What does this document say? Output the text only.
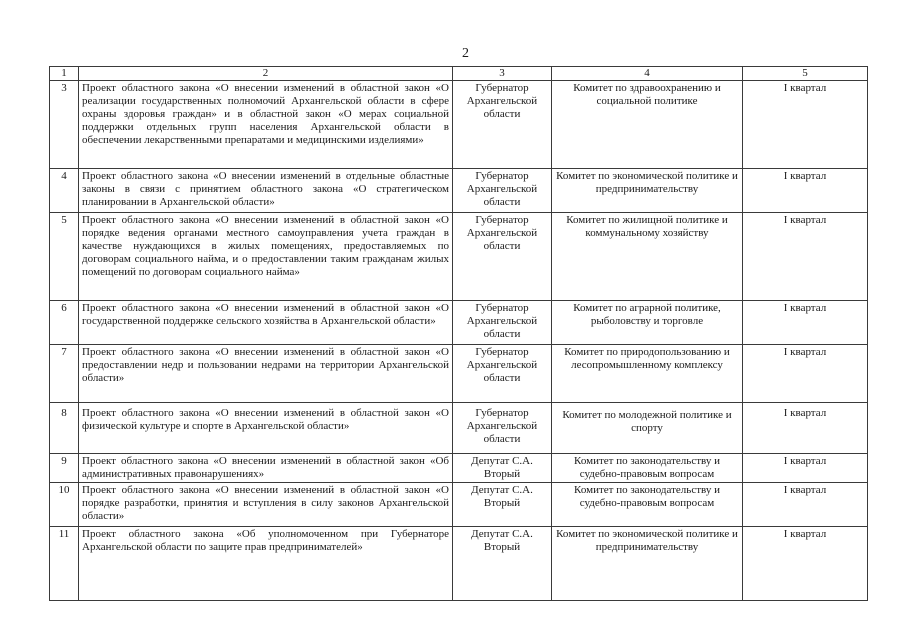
2
1	2	3	4	5
3	Проект областного закона «О внесении изменений в областной закон «О реализации государственных полномочий Архангельской области в сфере охраны здоровья граждан» и в областной закон «О мерах социальной поддержки отдельных групп населения Архангельской области в обеспечении лекарственными препаратами и медицинскими изделиями»	Губернатор Архангельской области	Комитет по здравоохранению и социальной политике	I квартал
4	Проект областного закона «О внесении изменений в отдельные областные законы в связи с принятием областного закона «О стратегическом планировании в Архангельской области»	Губернатор Архангельской области	Комитет по экономической политике и предпринимательству	I квартал
5	Проект областного закона «О внесении изменений в областной закон «О порядке ведения органами местного самоуправления учета граждан в качестве нуждающихся в жилых помещениях, предоставляемых по договорам социального найма, и о предоставлении таким гражданам жилых помещений по договорам социального найма»	Губернатор Архангельской области	Комитет по жилищной политике и коммунальному хозяйству	I квартал
6	Проект областного закона «О внесении изменений в областной закон «О государственной поддержке сельского хозяйства в Архангельской области»	Губернатор Архангельской области	Комитет по аграрной политике, рыболовству и торговле	I квартал
7	Проект областного закона «О внесении изменений в областной закон «О предоставлении недр и пользовании недрами на территории Архангельской области»	Губернатор Архангельской области	Комитет по природопользованию и лесопромышленному комплексу	I квартал
8	Проект областного закона «О внесении изменений в областной закон «О физической культуре и спорте в Архангельской области»	Губернатор Архангельской области	Комитет по молодежной политике и спорту	I квартал
9	Проект областного закона «О внесении изменений в областной закон «Об административных правонарушениях»	Депутат С.А. Вторый	Комитет по законодательству и судебно-правовым вопросам	I квартал
10	Проект областного закона «О внесении изменений в областной закон «О порядке разработки, принятия и вступления в силу законов Архангельской области»	Депутат С.А. Вторый	Комитет по законодательству и судебно-правовым вопросам	I квартал
11	Проект областного закона «Об уполномоченном при Губернаторе Архангельской области по защите прав предпринимателей»	Депутат С.А. Вторый	Комитет по экономической политике и предпринимательству	I квартал
